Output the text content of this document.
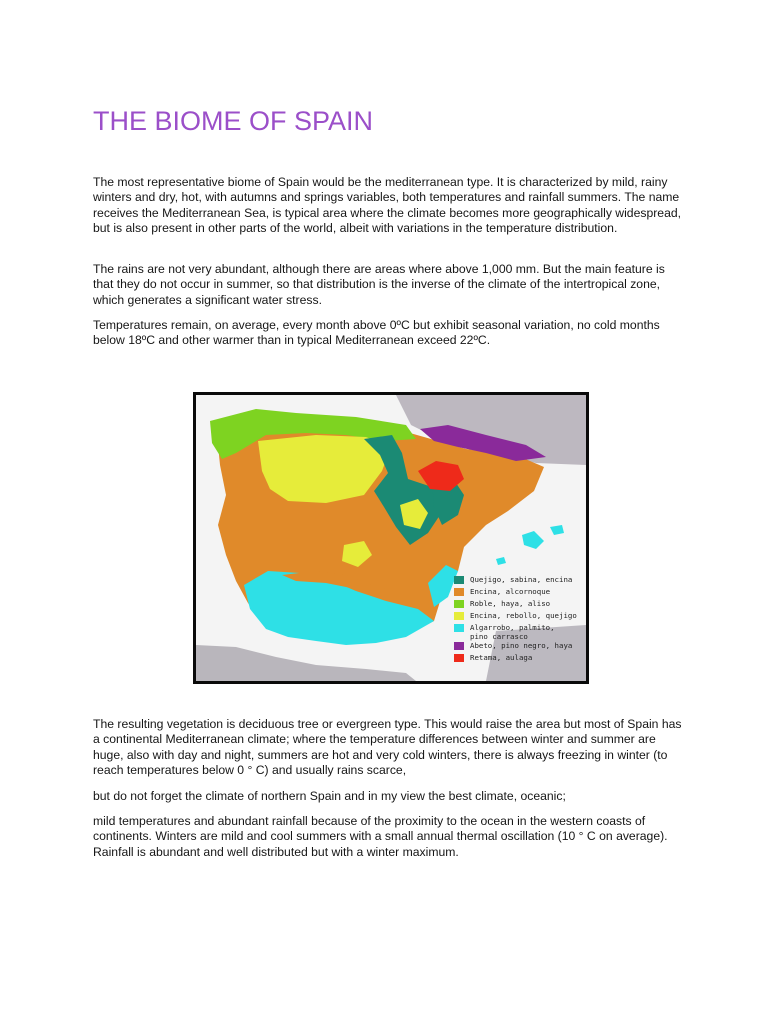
THE BIOME OF SPAIN

The most representative biome of Spain would be the mediterranean type. It is characterized by mild, rainy winters and dry, hot, with autumns and springs variables, both temperatures and rainfall summers. The name receives the Mediterranean Sea, is typical area where the climate becomes more geographically widespread, but is also present in other parts of the world, albeit with variations in the temperature distribution.

The rains are not very abundant, although there are areas where above 1,000 mm. But the main feature is that they do not occur in summer, so that distribution is the inverse of the climate of the intertropical zone, which generates a significant water stress.

Temperatures remain, on average, every month above 0ºC but exhibit seasonal variation, no cold months below 18ºC and other warmer than in typical Mediterranean exceed 22ºC.

Quejigo, sabina, encina
Encina, alcornoque
Roble, haya, aliso
Encina, rebollo, quejigo
Algarrobo, palmito,
pino carrasco
Abeto, pino negro, haya
Retama, aulaga

The resulting vegetation is deciduous tree or evergreen type. This would raise the area but most of Spain has a continental Mediterranean climate; where the temperature differences between winter and summer are huge, also with day and night, summers are hot and very cold winters, there is always freezing in winter (to reach temperatures below 0 ° C) and usually rains scarce,

but do not forget the climate of northern Spain and in my view the best climate, oceanic;

mild temperatures and abundant rainfall because of the proximity to the ocean in the western coasts of continents. Winters are mild and cool summers with a small annual thermal oscillation (10 ° C on average). Rainfall is abundant and well distributed but with a winter maximum.
